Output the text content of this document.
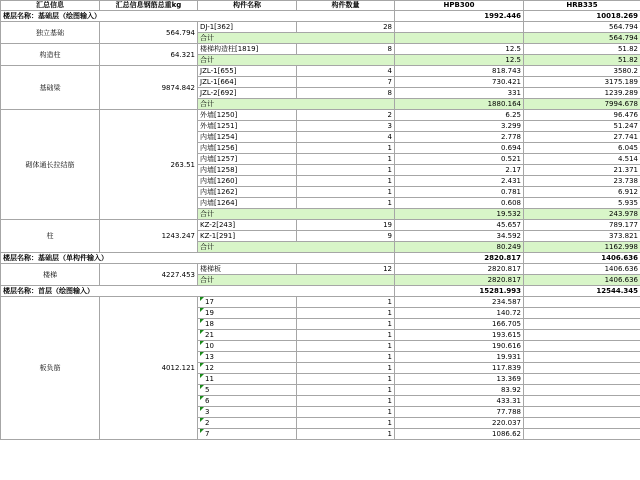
汇总信息	汇总信息钢筋总重kg	构件名称	构件数量	HPB300	HRB335
楼层名称：基础层（绘图输入）				1992.446	10018.269
独立基础	564.794	DJ-1[362]	28		564.794
		合计			564.794
构造柱	64.321	楼梯构造柱[1819]	8	12.5	51.82
		合计		12.5	51.82
基础梁	9874.842	JZL-1[655]	4	818.743	3580.2
		JZL-1[664]	7	730.421	3175.189
		JZL-2[692]	8	331	1239.289
		合计		1880.164	7994.678
砌体通长拉结筋	263.51	外墙[1250]	2	6.25	96.476
		外墙[1251]	3	3.299	51.247
		内墙[1254]	4	2.778	27.741
		内墙[1256]	1	0.694	6.045
		内墙[1257]	1	0.521	4.514
		内墙[1258]	1	2.17	21.371
		内墙[1260]	1	2.431	23.738
		内墙[1262]	1	0.781	6.912
		内墙[1264]	1	0.608	5.935
		合计		19.532	243.978
柱	1243.247	KZ-2[243]	19	45.657	789.177
		KZ-1[291]	9	34.592	373.821
		合计		80.249	1162.998
楼层名称：基础层（单构件输入）				2820.817	1406.636
楼梯	4227.453	楼梯板	12	2820.817	1406.636
		合计		2820.817	1406.636
楼层名称：首层（绘图输入）				15281.993	12544.345
板负筋	4012.121	17	1	234.587	
		19	1	140.72	
		18	1	166.705	
		21	1	193.615	
		10	1	190.616	
		13	1	19.931	
		12	1	117.839	
		11	1	13.369	
		5	1	83.92	
		6	1	433.31	
		3	1	77.788	
		2	1	220.037	
		7	1	1086.62	
